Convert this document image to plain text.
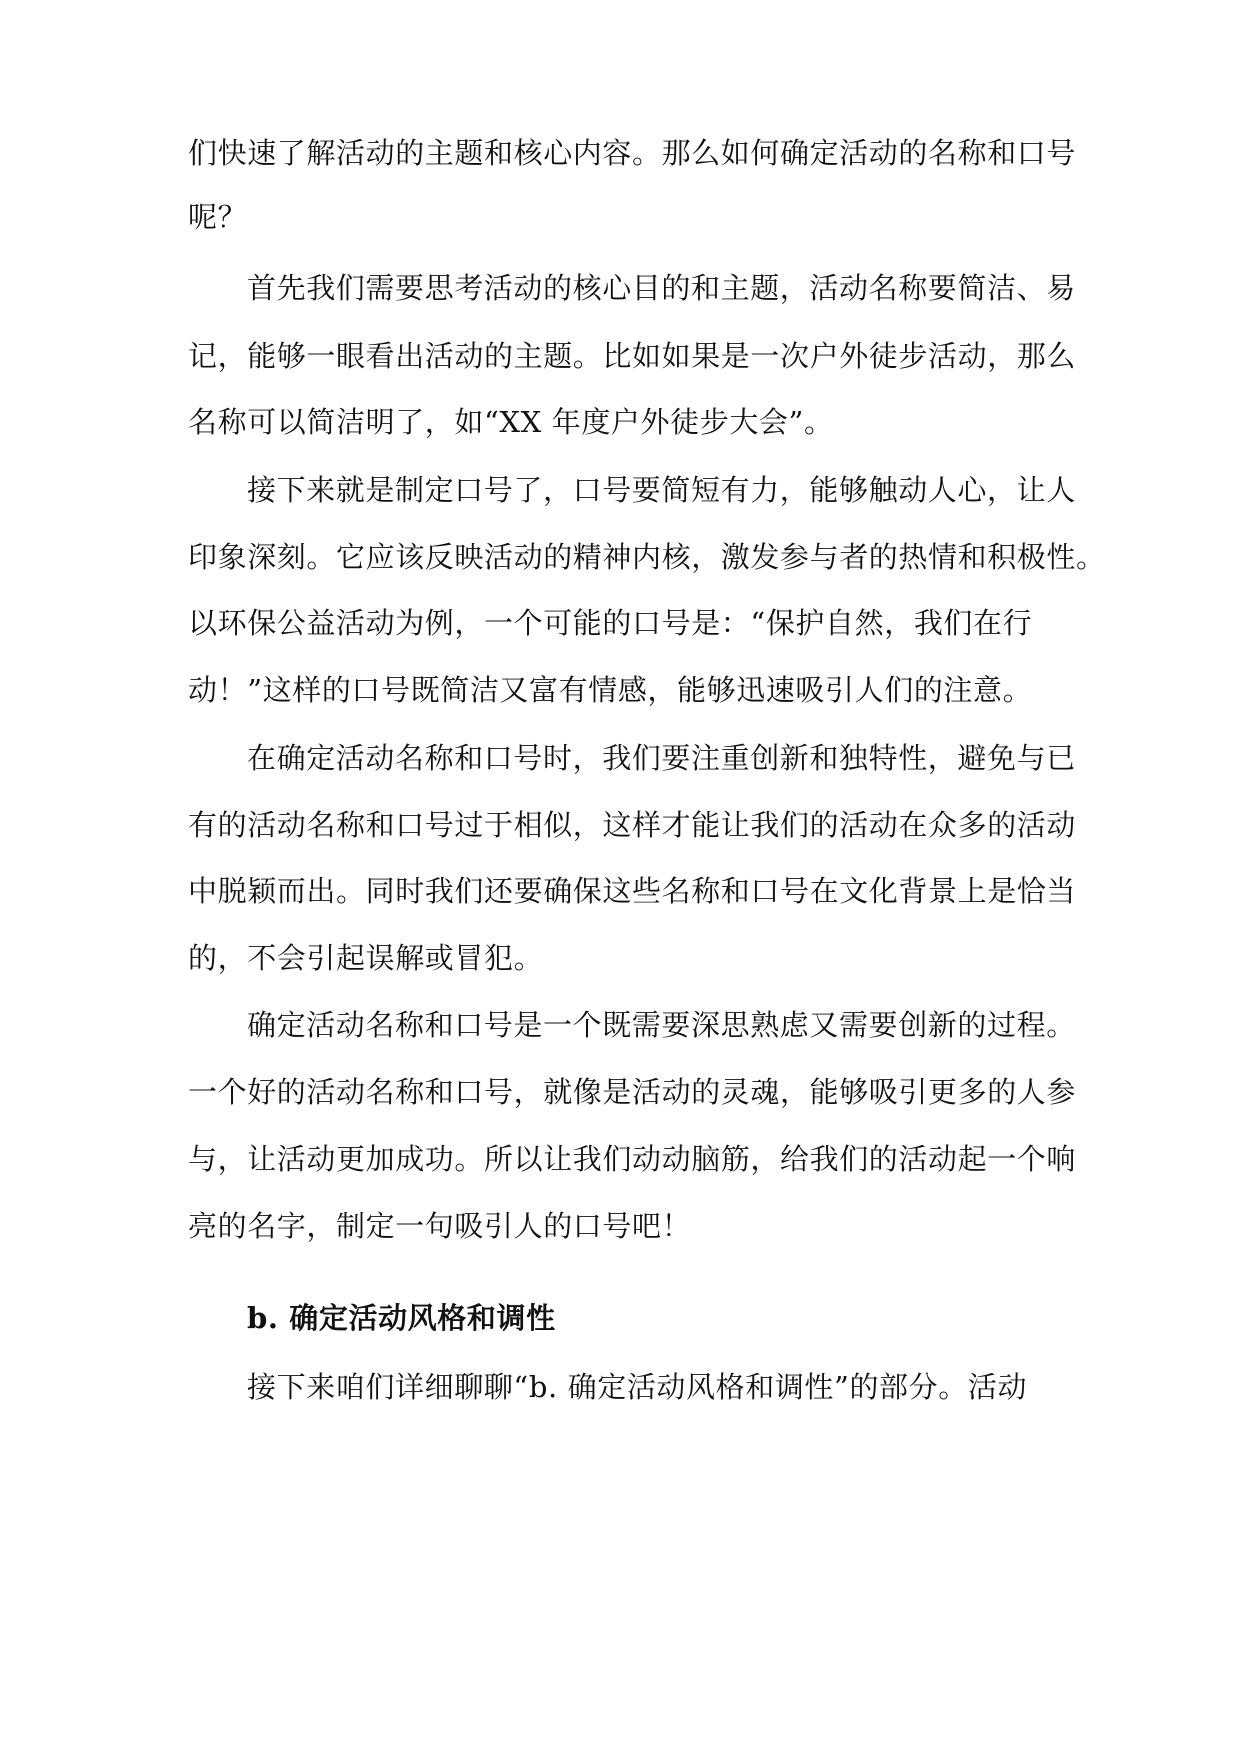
们快速了解活动的主题和核心内容。那么如何确定活动的名称和口号
呢？
首先我们需要思考活动的核心目的和主题，活动名称要简洁、易
记，能够一眼看出活动的主题。比如如果是一次户外徒步活动，那么
名称可以简洁明了，如“XX 年度户外徒步大会”。
接下来就是制定口号了，口号要简短有力，能够触动人心，让人
印象深刻。它应该反映活动的精神内核，激发参与者的热情和积极性。
以环保公益活动为例，一个可能的口号是：“保护自然，我们在行
动！”这样的口号既简洁又富有情感，能够迅速吸引人们的注意。
在确定活动名称和口号时，我们要注重创新和独特性，避免与已
有的活动名称和口号过于相似，这样才能让我们的活动在众多的活动
中脱颖而出。同时我们还要确保这些名称和口号在文化背景上是恰当
的，不会引起误解或冒犯。
确定活动名称和口号是一个既需要深思熟虑又需要创新的过程。
一个好的活动名称和口号，就像是活动的灵魂，能够吸引更多的人参
与，让活动更加成功。所以让我们动动脑筋，给我们的活动起一个响
亮的名字，制定一句吸引人的口号吧！
b. 确定活动风格和调性
接下来咱们详细聊聊“b. 确定活动风格和调性”的部分。活动
